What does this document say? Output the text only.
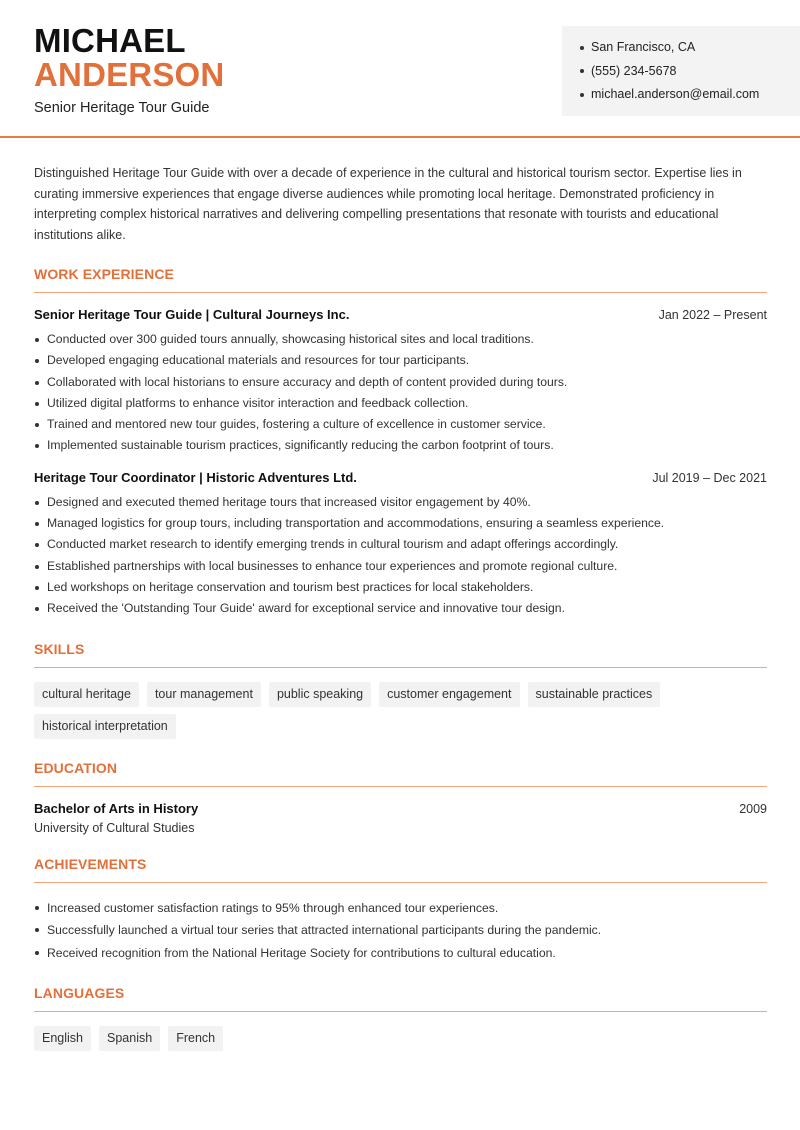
MICHAEL
ANDERSON
Senior Heritage Tour Guide
San Francisco, CA
(555) 234-5678
michael.anderson@email.com

Distinguished Heritage Tour Guide with over a decade of experience in the cultural and historical tourism sector. Expertise lies in curating immersive experiences that engage diverse audiences while promoting local heritage. Demonstrated proficiency in interpreting complex historical narratives and delivering compelling presentations that resonate with tourists and educational institutions alike.

WORK EXPERIENCE
Senior Heritage Tour Guide | Cultural Journeys Inc.	Jan 2022 – Present
Conducted over 300 guided tours annually, showcasing historical sites and local traditions.
Developed engaging educational materials and resources for tour participants.
Collaborated with local historians to ensure accuracy and depth of content provided during tours.
Utilized digital platforms to enhance visitor interaction and feedback collection.
Trained and mentored new tour guides, fostering a culture of excellence in customer service.
Implemented sustainable tourism practices, significantly reducing the carbon footprint of tours.
Heritage Tour Coordinator | Historic Adventures Ltd.	Jul 2019 – Dec 2021
Designed and executed themed heritage tours that increased visitor engagement by 40%.
Managed logistics for group tours, including transportation and accommodations, ensuring a seamless experience.
Conducted market research to identify emerging trends in cultural tourism and adapt offerings accordingly.
Established partnerships with local businesses to enhance tour experiences and promote regional culture.
Led workshops on heritage conservation and tourism best practices for local stakeholders.
Received the 'Outstanding Tour Guide' award for exceptional service and innovative tour design.
SKILLS
cultural heritage	tour management	public speaking	customer engagement	sustainable practices
historical interpretation
EDUCATION
Bachelor of Arts in History	2009
University of Cultural Studies
ACHIEVEMENTS
Increased customer satisfaction ratings to 95% through enhanced tour experiences.
Successfully launched a virtual tour series that attracted international participants during the pandemic.
Received recognition from the National Heritage Society for contributions to cultural education.
LANGUAGES
English	Spanish	French
